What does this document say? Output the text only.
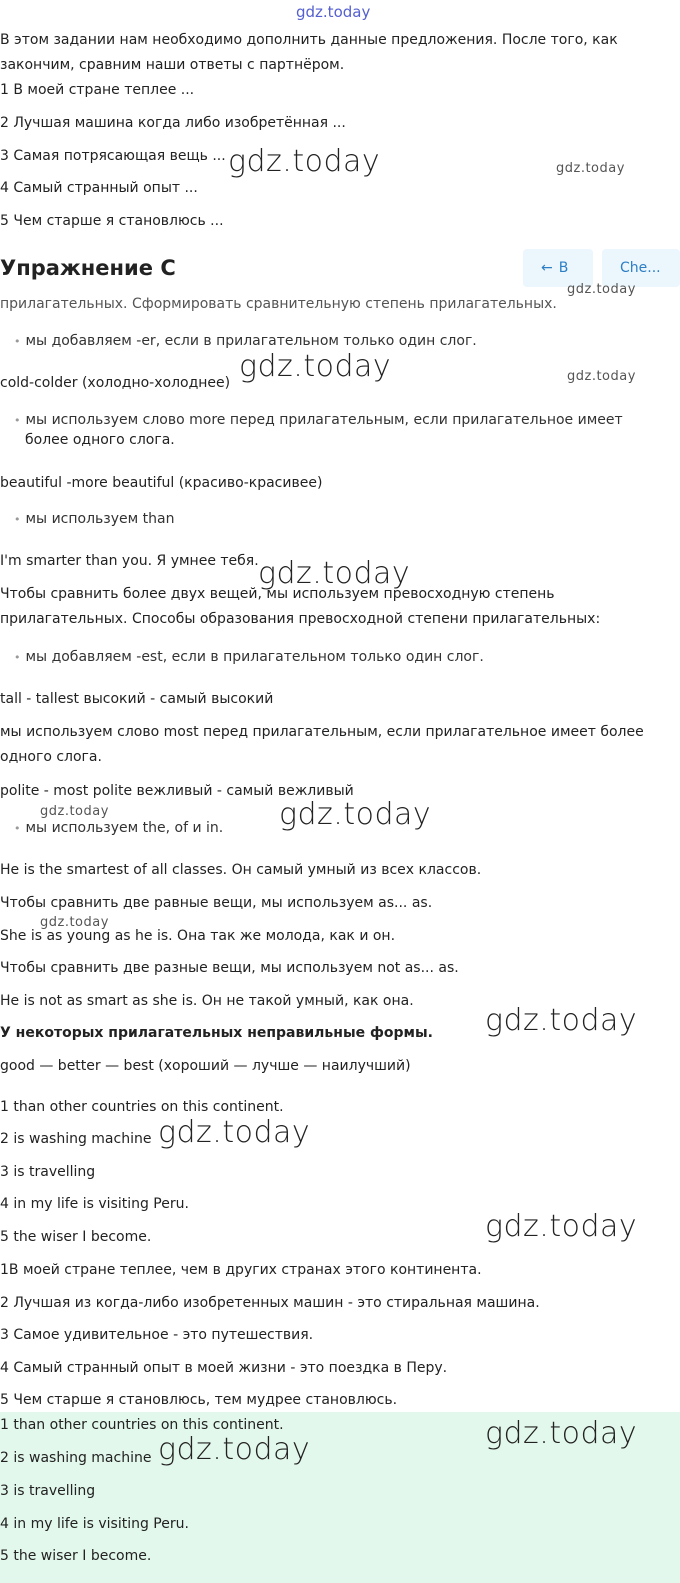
gdz.today
В этом задании нам необходимо дополнить данные предложения. После того, как
закончим, сравним наши ответы с партнёром.
1 В моей стране теплее ...
2 Лучшая машина когда либо изобретённая ...
3 Самая потрясающая вещь ...
4 Самый странный опыт ...
5 Чем старше я становлюсь ...
прилагательных. Сформировать сравнительную степень прилагательных.
Упражнение C	← B	Che...
• мы добавляем -er, если в прилагательном только один слог.
cold-colder (холодно-холоднее)
• мы используем слово more перед прилагательным, если прилагательное имеет
более одного слога.
beautiful -more beautiful (красиво-красивее)
• мы используем than
I'm smarter than you. Я умнее тебя.
Чтобы сравнить более двух вещей, мы используем превосходную степень
прилагательных. Способы образования превосходной степени прилагательных:
• мы добавляем -est, если в прилагательном только один слог.
tall - tallest высокий - самый высокий
мы используем слово most перед прилагательным, если прилагательное имеет более
одного слога.
polite - most polite вежливый - самый вежливый
• мы используем the, of и in.
He is the smartest of all classes. Он самый умный из всех классов.
Чтобы сравнить две равные вещи, мы используем as... as.
She is as young as he is. Она так же молода, как и он.
Чтобы сравнить две разные вещи, мы используем not as... as.
He is not as smart as she is. Он не такой умный, как она.
У некоторых прилагательных неправильные формы.
good — better — best (хороший — лучше — наилучший)
1 than other countries on this continent.
2 is washing machine
3 is travelling
4 in my life is visiting Peru.
5 the wiser I become.
1В моей стране теплее, чем в других странах этого континента.
2 Лучшая из когда-либо изобретенных машин - это стиральная машина.
3 Самое удивительное - это путешествия.
4 Самый странный опыт в моей жизни - это поездка в Перу.
5 Чем старше я становлюсь, тем мудрее становлюсь.
1 than other countries on this continent.
2 is washing machine
3 is travelling
4 in my life is visiting Peru.
5 the wiser I become.
gdz.today	gdz.today
gdz.today
gdz.today	gdz.today
gdz.today
gdz.today	gdz.today
gdz.today
gdz.today
gdz.today
gdz.today
gdz.today
gdz.today
